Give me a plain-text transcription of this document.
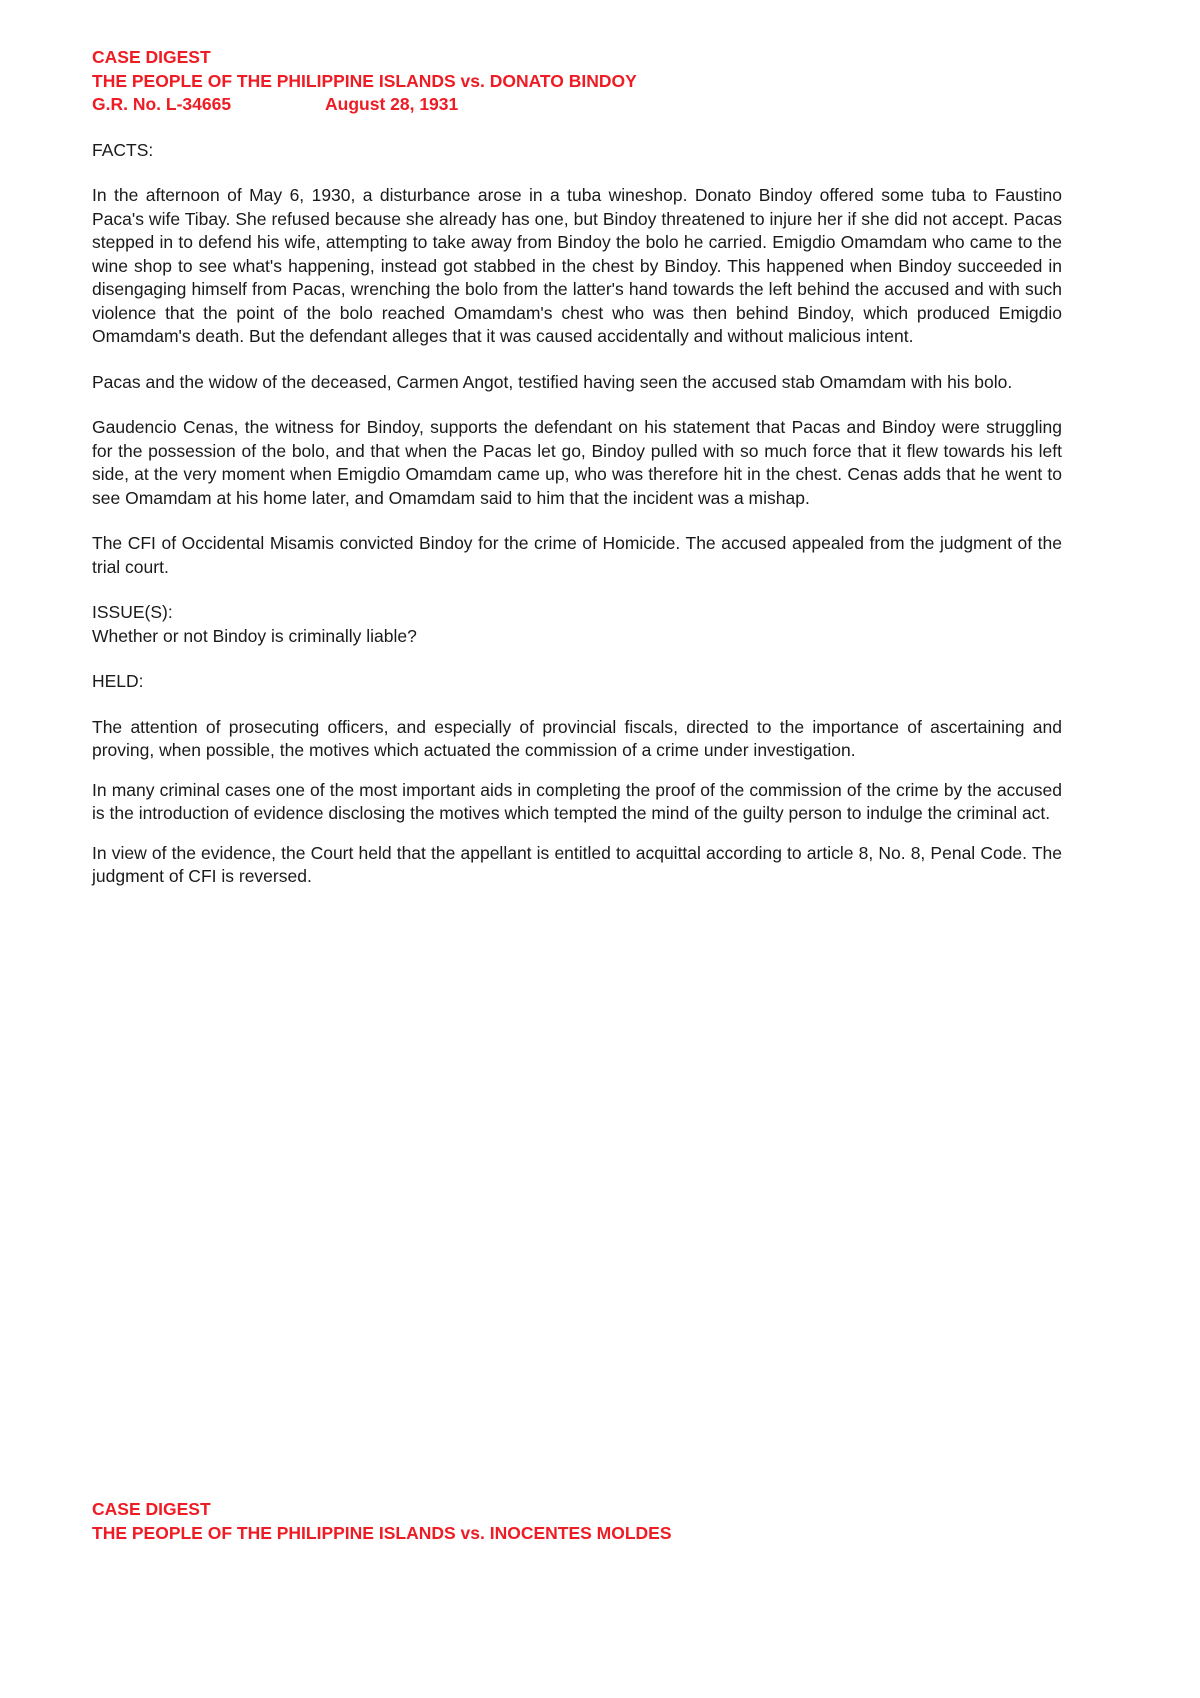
CASE DIGEST
THE PEOPLE OF THE PHILIPPINE ISLANDS vs. DONATO BINDOY
G.R. No. L-34665	August 28, 1931
FACTS:
In the afternoon of May 6, 1930, a disturbance arose in a tuba wineshop. Donato Bindoy offered some tuba to Faustino Paca's wife Tibay. She refused because she already has one, but Bindoy threatened to injure her if she did not accept. Pacas stepped in to defend his wife, attempting to take away from Bindoy the bolo he carried. Emigdio Omamdam who came to the wine shop to see what's happening, instead got stabbed in the chest by Bindoy. This happened when Bindoy succeeded in disengaging himself from Pacas, wrenching the bolo from the latter's hand towards the left behind the accused and with such violence that the point of the bolo reached Omamdam's chest who was then behind Bindoy, which produced Emigdio Omamdam's death. But the defendant alleges that it was caused accidentally and without malicious intent.
Pacas and the widow of the deceased, Carmen Angot, testified having seen the accused stab Omamdam with his bolo.
Gaudencio Cenas, the witness for Bindoy, supports the defendant on his statement that Pacas and Bindoy were struggling for the possession of the bolo, and that when the Pacas let go, Bindoy pulled with so much force that it flew towards his left side, at the very moment when Emigdio Omamdam came up, who was therefore hit in the chest. Cenas adds that he went to see Omamdam at his home later, and Omamdam said to him that the incident was a mishap.
The CFI of Occidental Misamis convicted Bindoy for the crime of Homicide. The accused appealed from the judgment of the trial court.
ISSUE(S):
Whether or not Bindoy is criminally liable?
HELD:
The attention of prosecuting officers, and especially of provincial fiscals, directed to the importance of ascertaining and proving, when possible, the motives which actuated the commission of a crime under investigation.
In many criminal cases one of the most important aids in completing the proof of the commission of the crime by the accused is the introduction of evidence disclosing the motives which tempted the mind of the guilty person to indulge the criminal act.
In view of the evidence, the Court held that the appellant is entitled to acquittal according to article 8, No. 8, Penal Code. The judgment of CFI is reversed.
CASE DIGEST
THE PEOPLE OF THE PHILIPPINE ISLANDS vs. INOCENTES MOLDES
